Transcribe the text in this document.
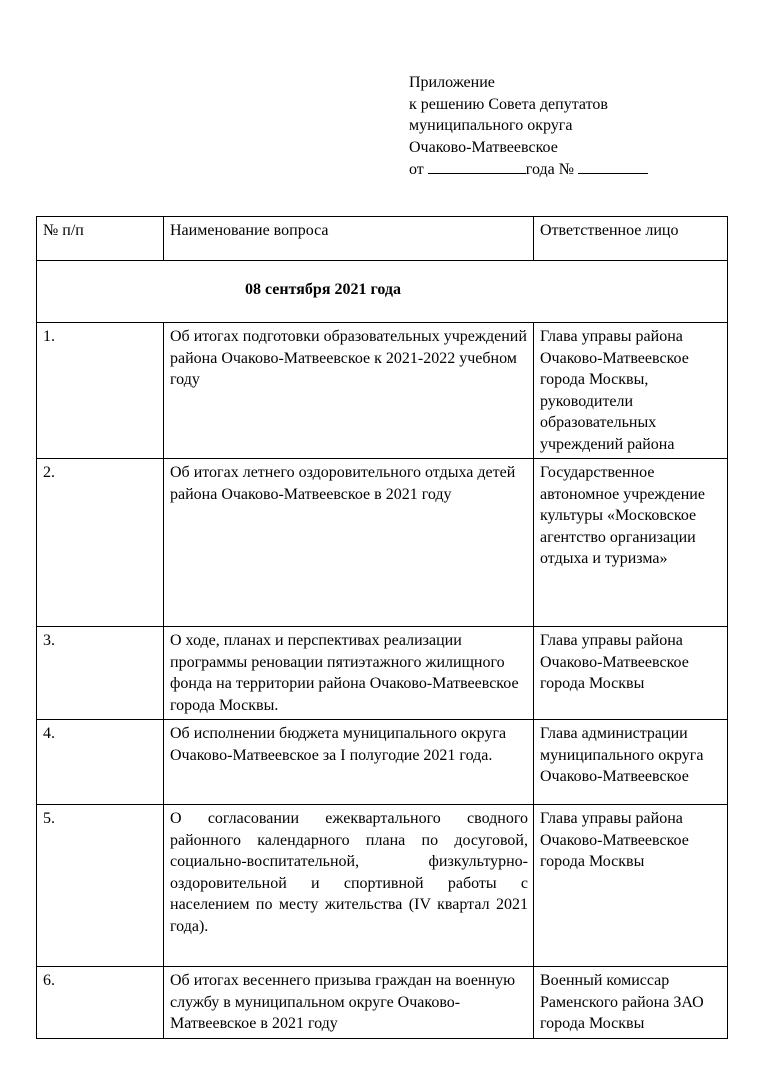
Приложение
к решению Совета депутатов
муниципального округа
Очаково-Матвеевское
от	года №
№ п/п	Наименование вопроса	Ответственное лицо

08 сентября 2021 года		

1.	Об итогах подготовки образовательных учреждений района Очаково-Матвеевское к 2021-2022 учебном году	Глава управы района Очаково-Матвеевское города Москвы, руководители образовательных учреждений района
2.	Об итогах летнего оздоровительного отдыха детей района Очаково-Матвеевское в 2021 году	Государственное автономное учреждение культуры «Московское агентство организации отдыха и туризма»
3.	О ходе, планах и перспективах реализации программы реновации пятиэтажного жилищного фонда на территории района Очаково-Матвеевское города Москвы.	Глава управы района Очаково-Матвеевское города Москвы
4.	Об исполнении бюджета муниципального округа Очаково-Матвеевское за I полугодие 2021 года.	Глава администрации муниципального округа Очаково-Матвеевское
5.	О согласовании ежеквартального сводного районного календарного плана по досуговой, социально-воспитательной, физкультурно-оздоровительной и спортивной работы с населением по месту жительства (IV квартал 2021 года).	Глава управы района Очаково-Матвеевское города Москвы
6.	Об итогах весеннего призыва граждан на военную службу в муниципальном округе Очаково-Матвеевское в 2021 году	Военный комиссар Раменского района ЗАО города Москвы
